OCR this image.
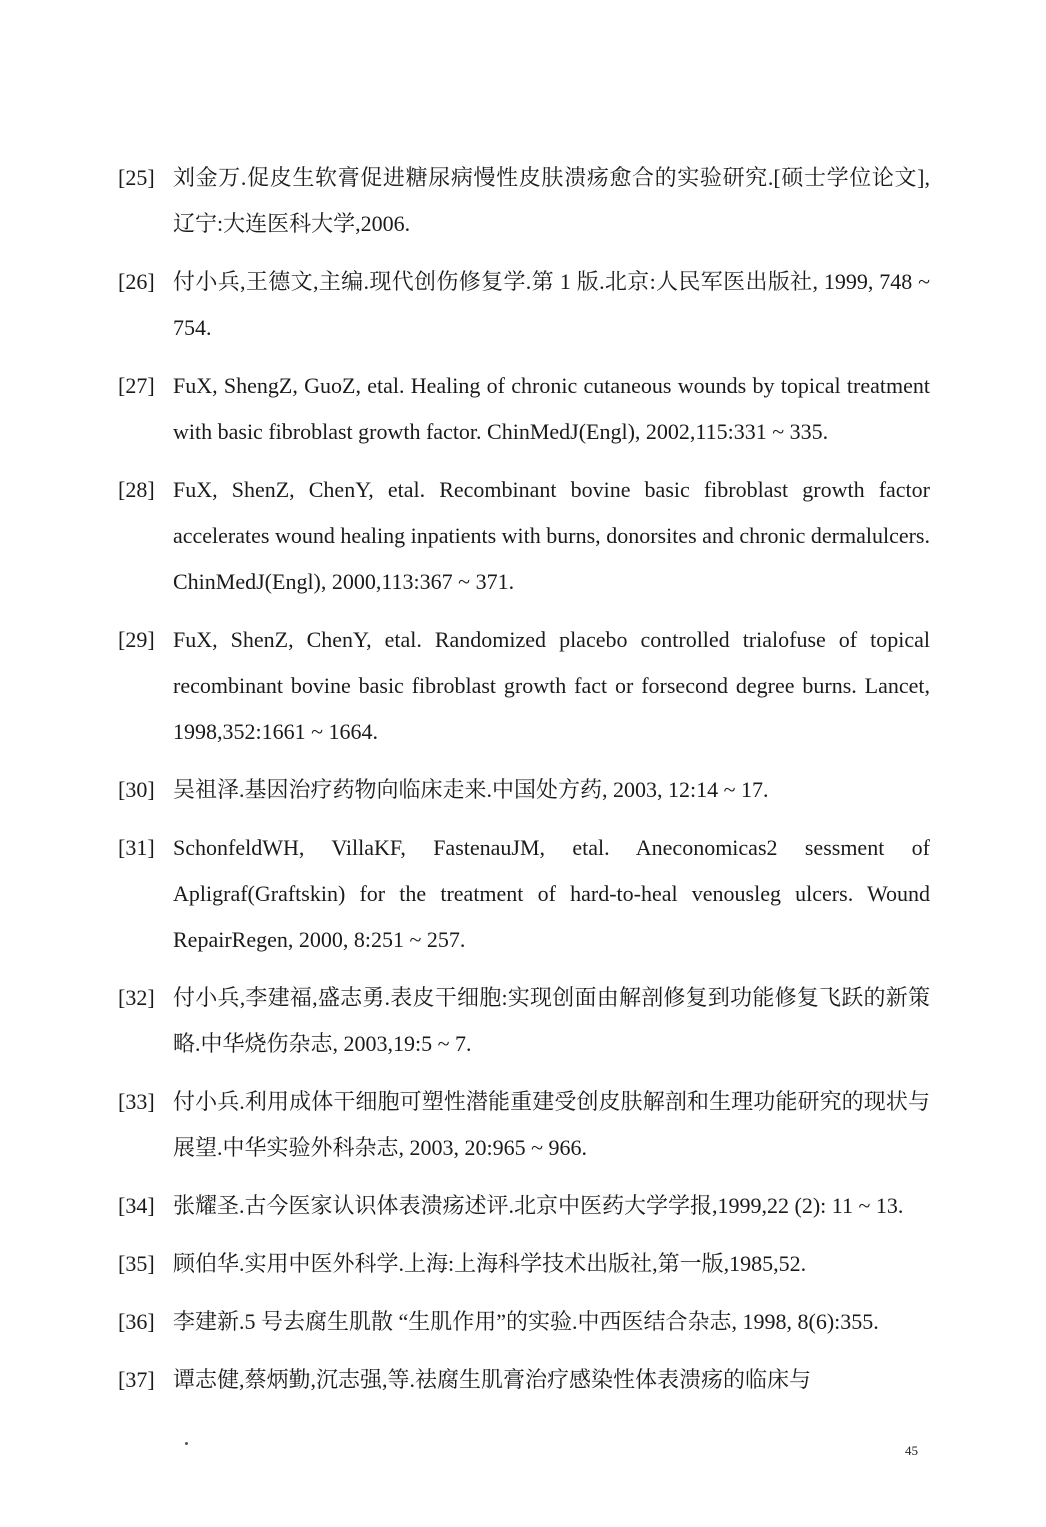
[25] 刘金万.促皮生软膏促进糖尿病慢性皮肤溃疡愈合的实验研究.[硕士学位论文], 辽宁:大连医科大学,2006.
[26] 付小兵,王德文,主编.现代创伤修复学.第 1 版.北京:人民军医出版社, 1999, 748 ~ 754.
[27] FuX, ShengZ, GuoZ, etal. Healing of chronic cutaneous wounds by topical treatment with basic fibroblast growth factor. ChinMedJ(Engl), 2002,115:331 ~ 335.
[28] FuX, ShenZ, ChenY, etal. Recombinant bovine basic fibroblast growth factor accelerates wound healing inpatients with burns, donorsites and chronic dermalulcers. ChinMedJ(Engl), 2000,113:367 ~ 371.
[29] FuX, ShenZ, ChenY, etal. Randomized placebo controlled trialofuse of topical recombinant bovine basic fibroblast growth fact or forsecond degree burns. Lancet, 1998,352:1661 ~ 1664.
[30] 吴祖泽.基因治疗药物向临床走来.中国处方药, 2003, 12:14 ~ 17.
[31] SchonfeldWH, VillaKF, FastenauJM, etal. Aneconomicas2 sessment of Apligraf(Graftskin) for the treatment of hard-to-heal venousleg ulcers. Wound RepairRegen, 2000, 8:251 ~ 257.
[32] 付小兵,李建福,盛志勇.表皮干细胞:实现创面由解剖修复到功能修复飞跃的新策略.中华烧伤杂志, 2003,19:5 ~ 7.
[33] 付小兵.利用成体干细胞可塑性潜能重建受创皮肤解剖和生理功能研究的现状与展望.中华实验外科杂志, 2003, 20:965 ~ 966.
[34] 张耀圣.古今医家认识体表溃疡述评.北京中医药大学学报,1999,22 (2): 11 ~ 13.
[35] 顾伯华.实用中医外科学.上海:上海科学技术出版社,第一版,1985,52.
[36] 李建新.5 号去腐生肌散 “生肌作用”的实验.中西医结合杂志, 1998, 8(6):355.
[37] 谭志健,蔡炳勤,沉志强,等.祛腐生肌膏治疗感染性体表溃疡的临床与
45
